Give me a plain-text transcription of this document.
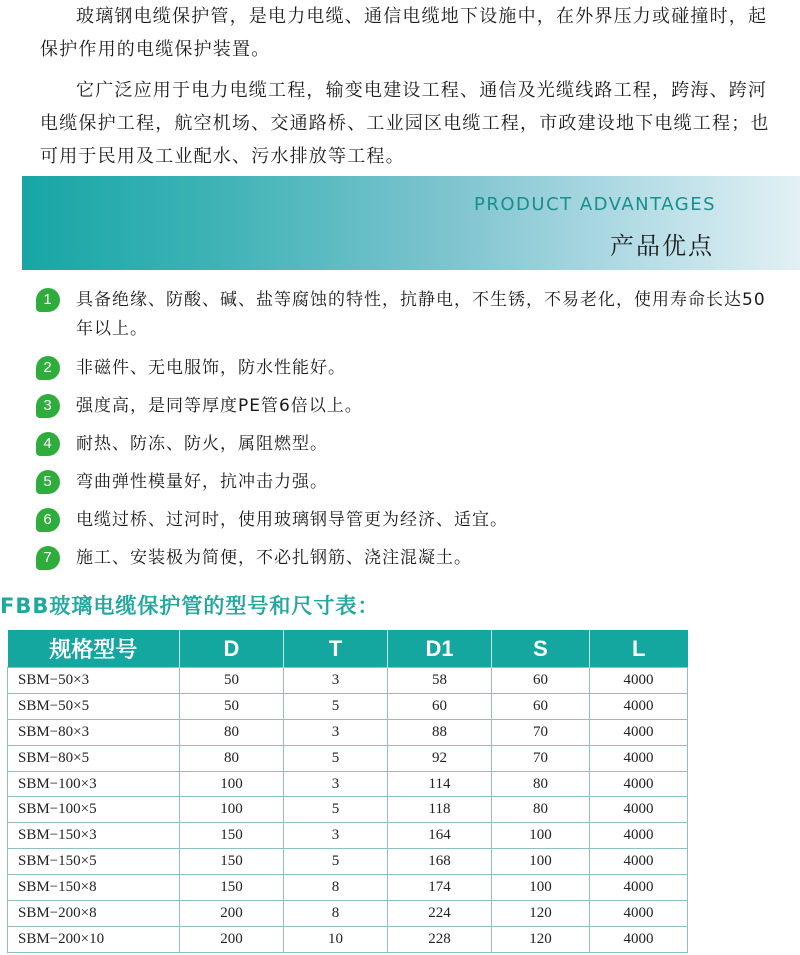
玻璃钢电缆保护管，是电力电缆、通信电缆地下设施中，在外界压力或碰撞时，起保护作用的电缆保护装置。

它广泛应用于电力电缆工程，输变电建设工程、通信及光缆线路工程，跨海、跨河电缆保护工程，航空机场、交通路桥、工业园区电缆工程，市政建设地下电缆工程；也可用于民用及工业配水、污水排放等工程。

PRODUCT ADVANTAGES
产品优点
1	具备绝缘、防酸、碱、盐等腐蚀的特性，抗静电，不生锈，不易老化，使用寿命长达50年以上。
2	非磁件、无电服饰，防水性能好。
3	强度高，是同等厚度PE管6倍以上。
4	耐热、防冻、防火，属阻燃型。
5	弯曲弹性模量好，抗冲击力强。
6	电缆过桥、过河时，使用玻璃钢导管更为经济、适宜。
7	施工、安装极为简便，不必扎钢筋、浇注混凝土。
FBB玻璃电缆保护管的型号和尺寸表：
规格型号	D	T	D1	S	L
SBM−50×3	50	3	58	60	4000
SBM−50×5	50	5	60	60	4000
SBM−80×3	80	3	88	70	4000
SBM−80×5	80	5	92	70	4000
SBM−100×3	100	3	114	80	4000
SBM−100×5	100	5	118	80	4000
SBM−150×3	150	3	164	100	4000
SBM−150×5	150	5	168	100	4000
SBM−150×8	150	8	174	100	4000
SBM−200×8	200	8	224	120	4000
SBM−200×10	200	10	228	120	4000
